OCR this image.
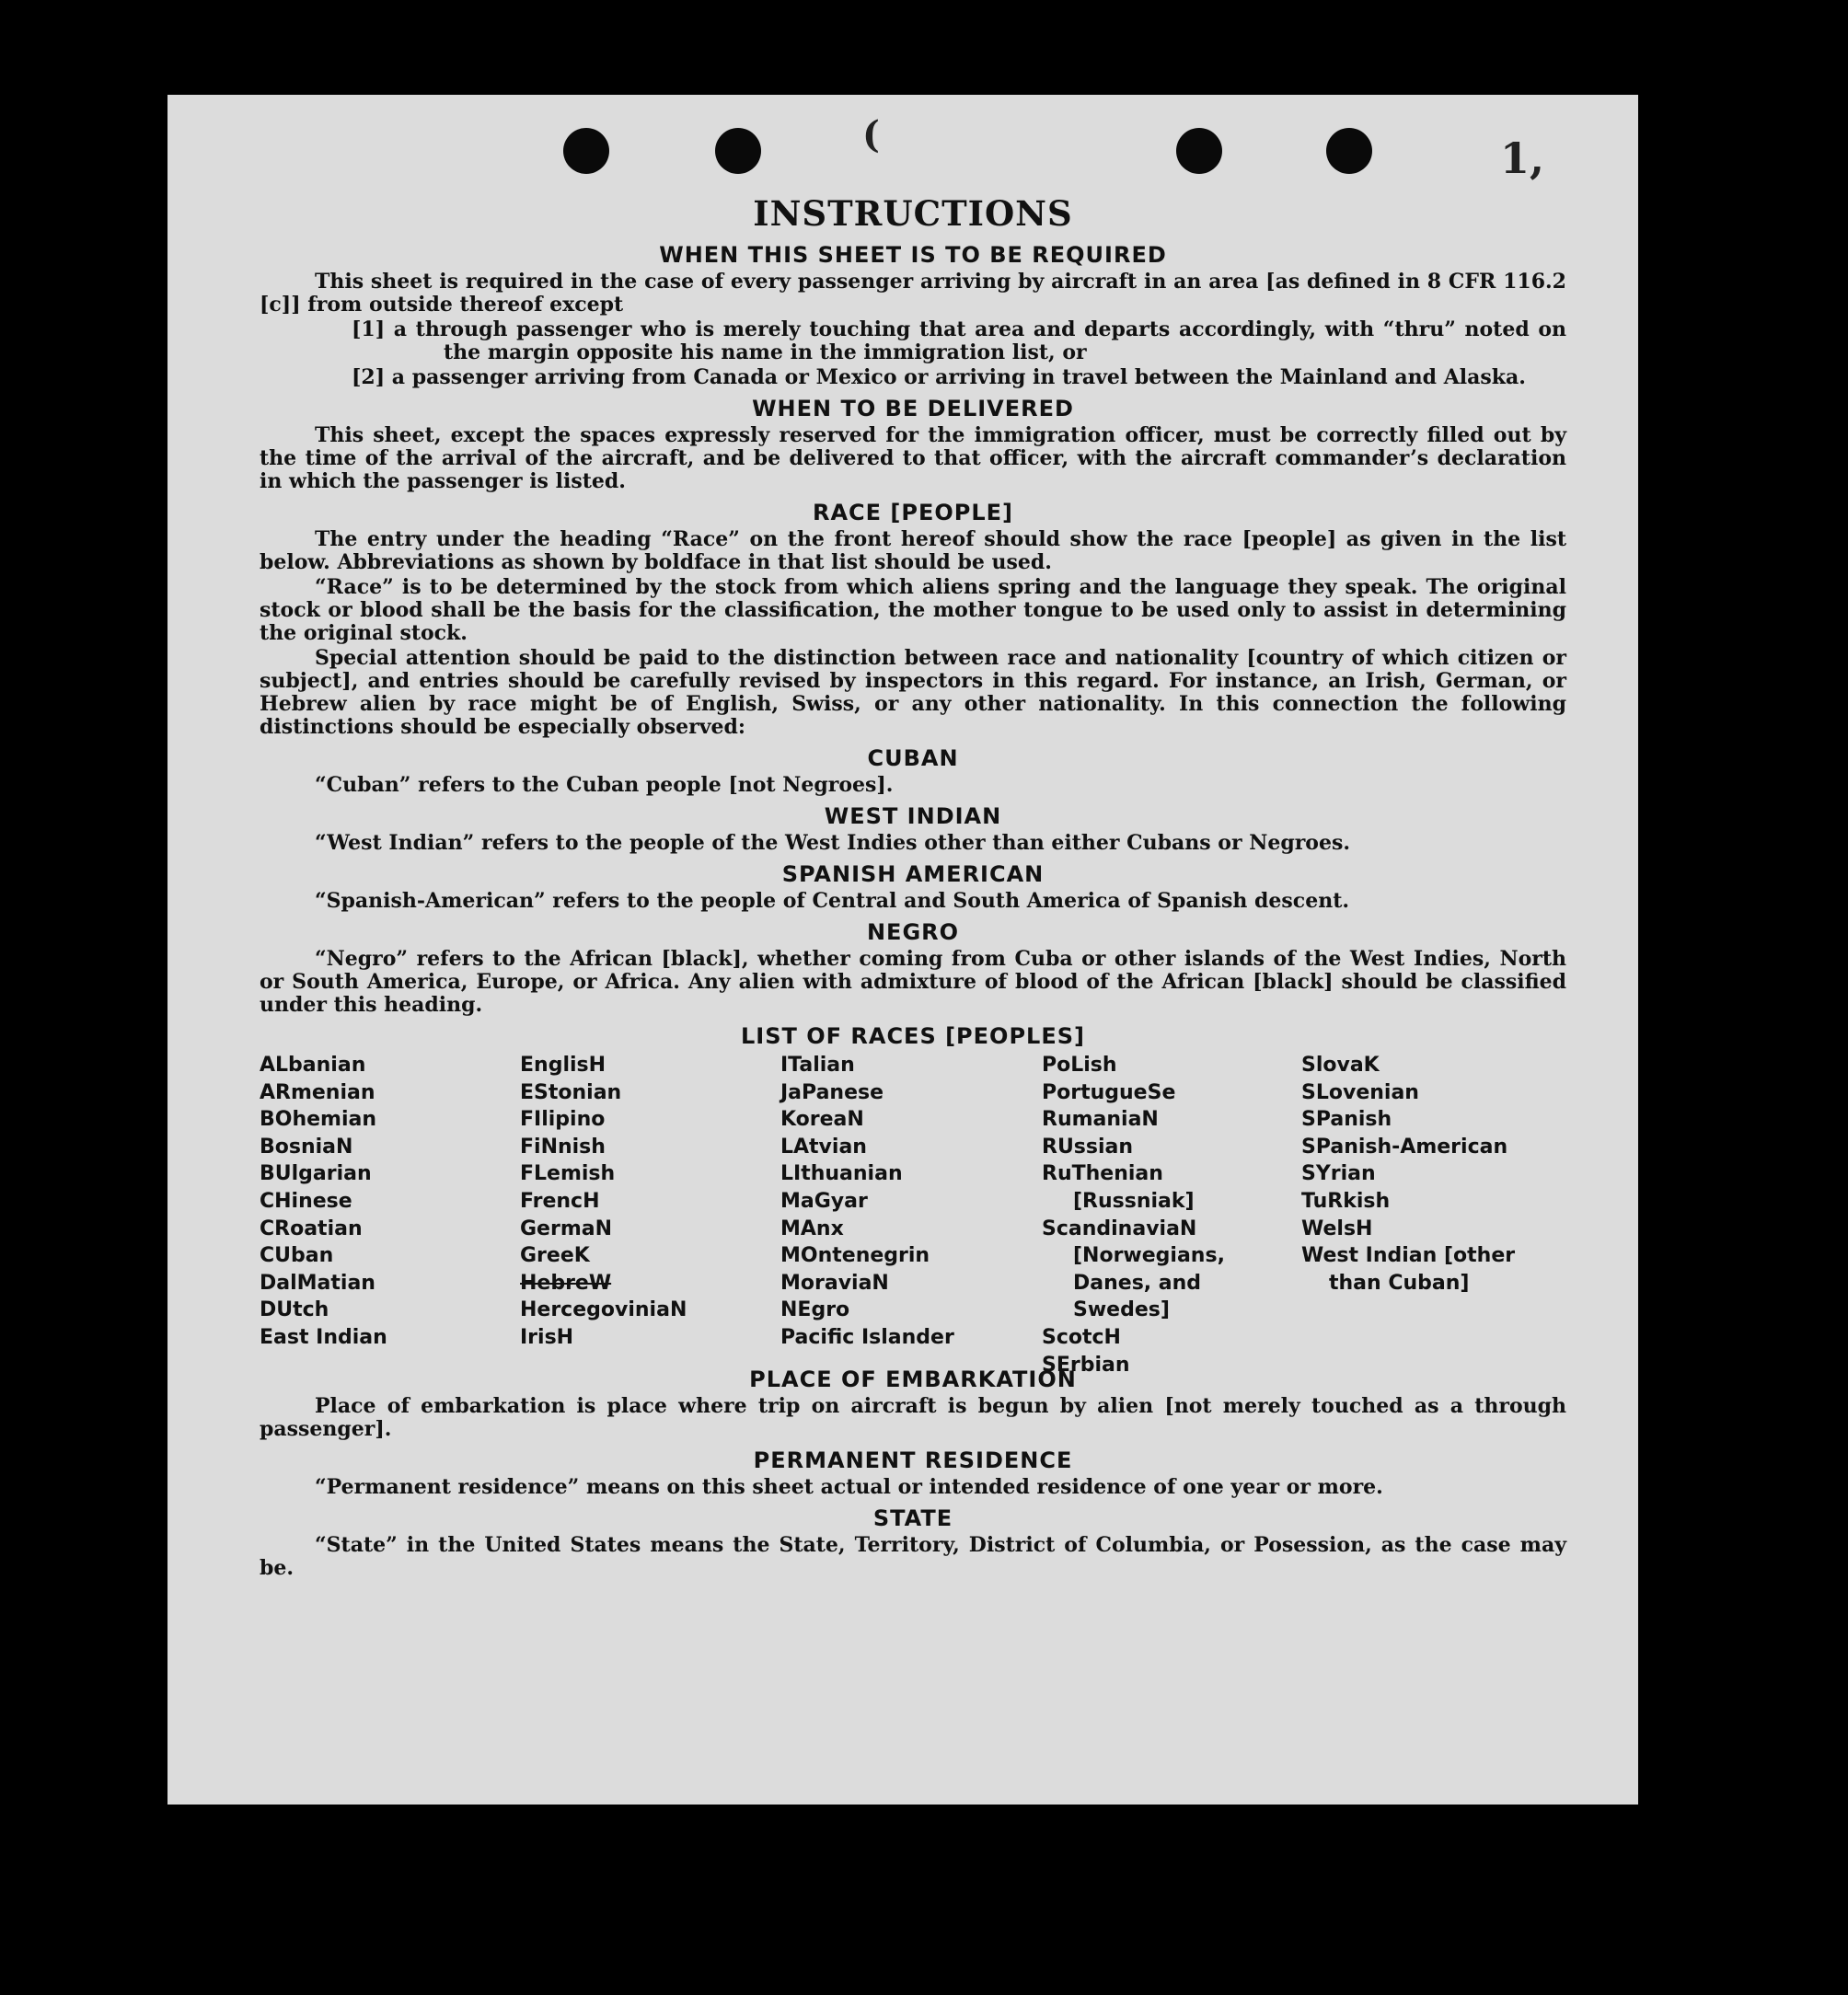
(	1,
INSTRUCTIONS
WHEN THIS SHEET IS TO BE REQUIRED
This sheet is required in the case of every passenger arriving by aircraft in an area [as defined in 8 CFR 116.2 [c]] from outside thereof except
[1] a through passenger who is merely touching that area and departs accordingly, with “thru” noted on the margin opposite his name in the immigration list, or
[2] a passenger arriving from Canada or Mexico or arriving in travel between the Mainland and Alaska.
WHEN TO BE DELIVERED
This sheet, except the spaces expressly reserved for the immigration officer, must be correctly filled out by the time of the arrival of the aircraft, and be delivered to that officer, with the aircraft commander’s declaration in which the passenger is listed.
RACE [PEOPLE]
The entry under the heading “Race” on the front hereof should show the race [people] as given in the list below. Abbreviations as shown by boldface in that list should be used.
“Race” is to be determined by the stock from which aliens spring and the language they speak. The original stock or blood shall be the basis for the classification, the mother tongue to be used only to assist in determining the original stock.
Special attention should be paid to the distinction between race and nationality [country of which citizen or subject], and entries should be carefully revised by inspectors in this regard. For instance, an Irish, German, or Hebrew alien by race might be of English, Swiss, or any other nationality. In this connection the following distinctions should be especially observed:
CUBAN
“Cuban” refers to the Cuban people [not Negroes].
WEST INDIAN
“West Indian” refers to the people of the West Indies other than either Cubans or Negroes.
SPANISH AMERICAN
“Spanish-American” refers to the people of Central and South America of Spanish descent.
NEGRO
“Negro” refers to the African [black], whether coming from Cuba or other islands of the West Indies, North or South America, Europe, or Africa. Any alien with admixture of blood of the African [black] should be classified under this heading.
LIST OF RACES [PEOPLES]
ALbanian
ARmenian
BOhemian
BosniaN
BUlgarian
CHinese
CRoatian
CUban
DalMatian
DUtch
East Indian
EnglisH
EStonian
FIlipino
FiNnish
FLemish
FrencH
GermaN
GreeK
HebreW
HercegoviniaN
IrisH
ITalian
JaPanese
KoreaN
LAtvian
LIthuanian
MaGyar
MAnx
MOntenegrin
MoraviaN
NEgro
Pacific Islander
PoLish
PortugueSe
RumaniaN
RUssian
RuThenian [Russniak]
ScandinaviaN [Norwegians, Danes, and Swedes]
ScotcH
SErbian
SlovaK
SLovenian
SPanish
SPanish-American
SYrian
TuRkish
WelsH
West Indian [other than Cuban]
PLACE OF EMBARKATION
Place of embarkation is place where trip on aircraft is begun by alien [not merely touched as a through passenger].
PERMANENT RESIDENCE
“Permanent residence” means on this sheet actual or intended residence of one year or more.
STATE
“State” in the United States means the State, Territory, District of Columbia, or Posession, as the case may be.
